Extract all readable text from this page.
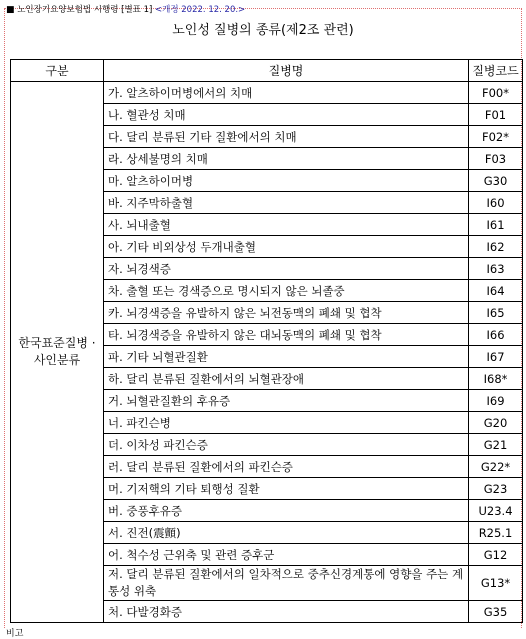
■ 노인장기요양보험법 시행령 [별표 1] <개정 2022. 12. 20.>
노인성 질병의 종류(제2조 관련)
구분	질병명	질병코드

한국표준질병 ·
사인분류	가. 알츠하이머병에서의 치매	F00*
	나. 혈관성 치매	F01
	다. 달리 분류된 기타 질환에서의 치매	F02*
	라. 상세불명의 치매	F03
	마. 알츠하이머병	G30
	바. 지주막하출혈	I60
	사. 뇌내출혈	I61
	아. 기타 비외상성 두개내출혈	I62
	자. 뇌경색증	I63
	차. 출혈 또는 경색증으로 명시되지 않은 뇌졸중	I64
	카. 뇌경색증을 유발하지 않은 뇌전동맥의 폐쇄 및 협착	I65
	타. 뇌경색증을 유발하지 않은 대뇌동맥의 폐쇄 및 협착	I66
	파. 기타 뇌혈관질환	I67
	하. 달리 분류된 질환에서의 뇌혈관장애	I68*
	거. 뇌혈관질환의 후유증	I69
	너. 파킨슨병	G20
	더. 이차성 파킨슨증	G21
	러. 달리 분류된 질환에서의 파킨슨증	G22*
	머. 기저핵의 기타 퇴행성 질환	G23
	버. 중풍후유증	U23.4
	서. 진전(震顫)	R25.1
	어. 척수성 근위축 및 관련 증후군	G12
	저. 달리 분류된 질환에서의 일차적으로 중추신경계통에 영향을 주는 계통성 위축	G13*
	처. 다발경화증	G35
비고
